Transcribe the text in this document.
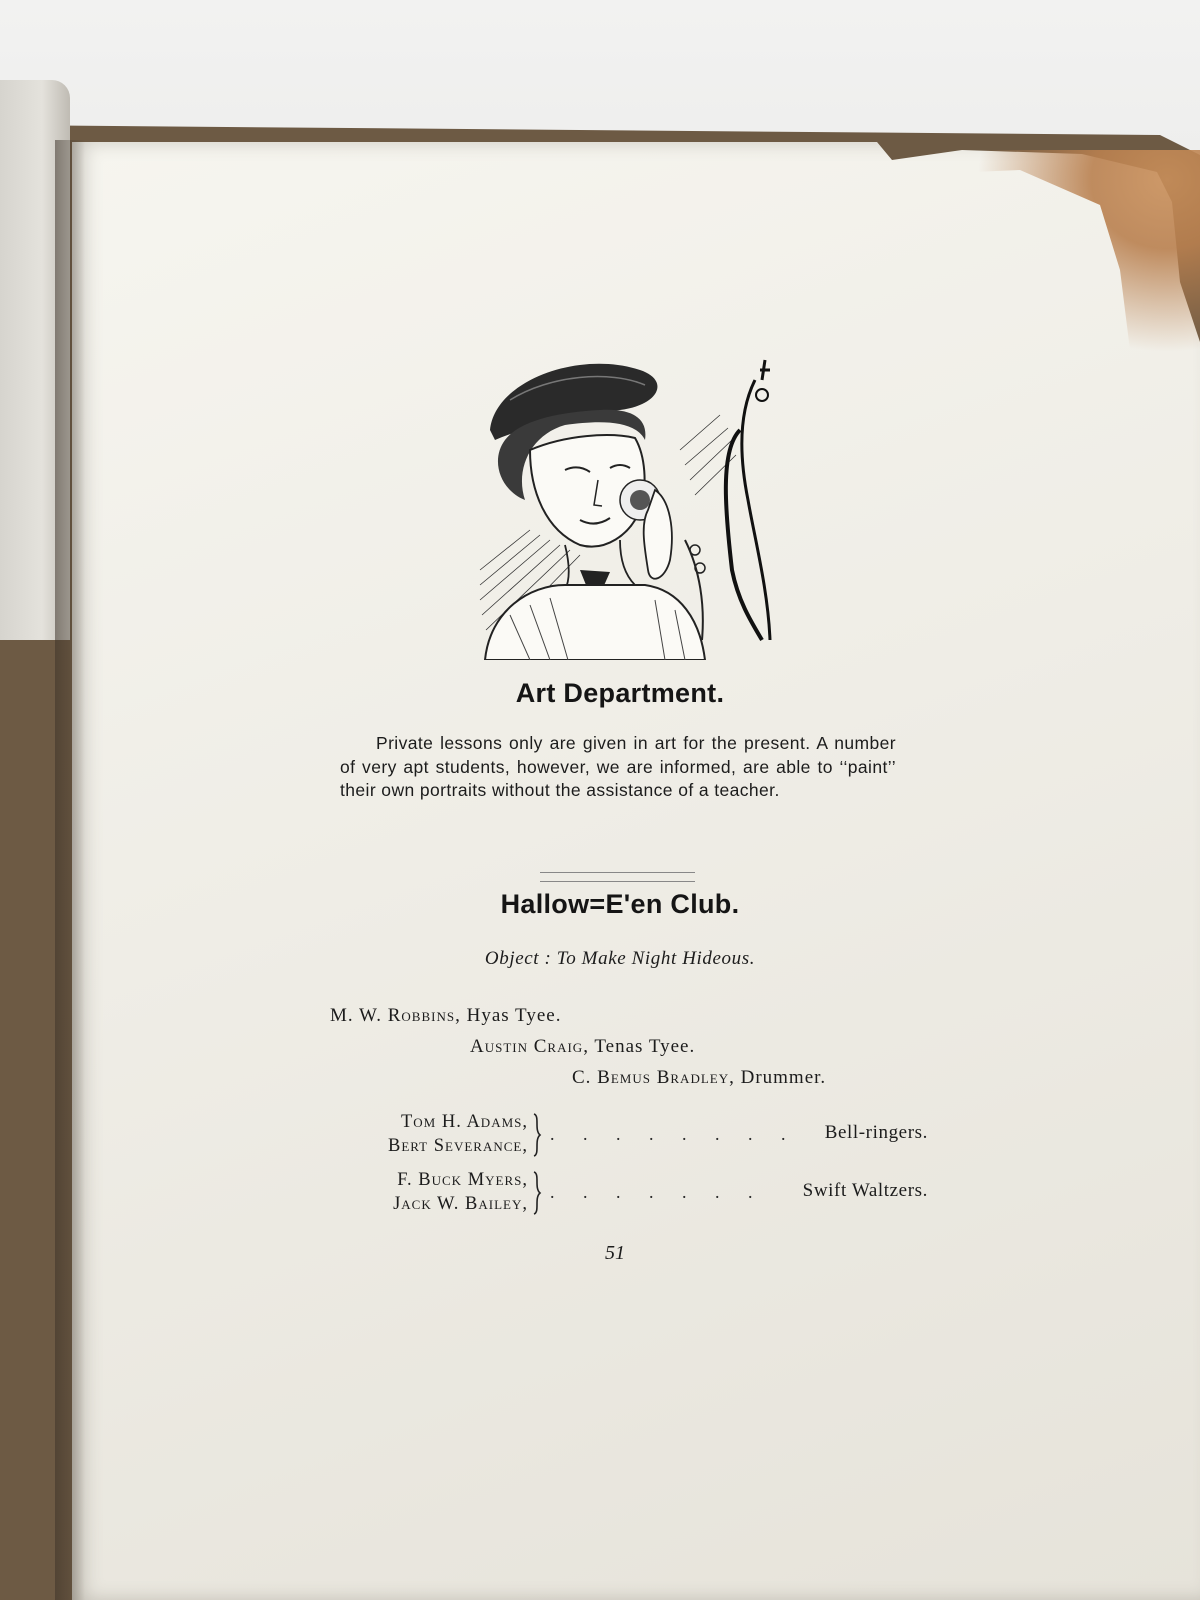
Art Department.
Private lessons only are given in art for the present. A number of very apt students, however, we are informed, are able to ‘‘paint’’ their own portraits without the assistance of a teacher.
Hallow=E'en Club.
Object : To Make Night Hideous.
M. W. Robbins, Hyas Tyee.
Austin Craig, Tenas Tyee.
C. Bemus Bradley, Drummer.
Tom H. Adams,
Bert Severance,
. . . . . . . . Bell-ringers.
F. Buck Myers,
Jack W. Bailey,
. . . . . . . Swift Waltzers.
51
